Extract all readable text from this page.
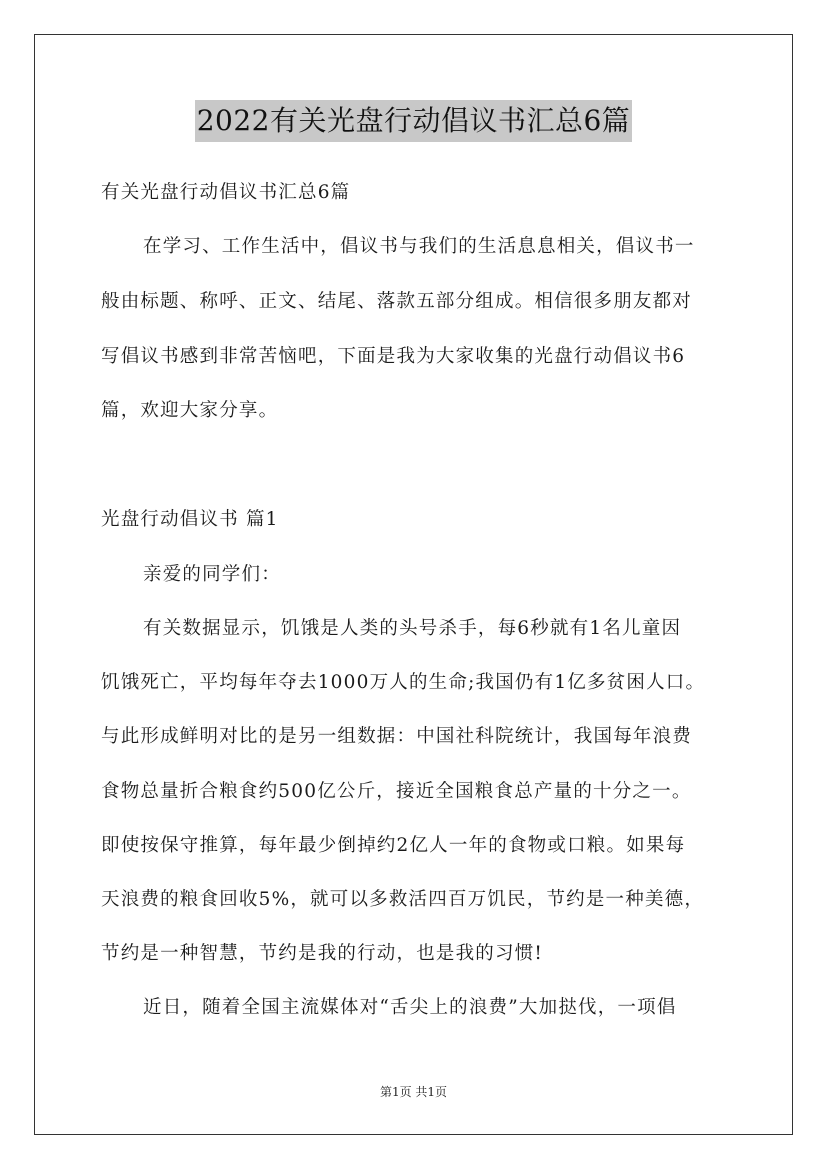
2022有关光盘行动倡议书汇总6篇
有关光盘行动倡议书汇总6篇
在学习、工作生活中，倡议书与我们的生活息息相关，倡议书一
般由标题、称呼、正文、结尾、落款五部分组成。相信很多朋友都对
写倡议书感到非常苦恼吧，下面是我为大家收集的光盘行动倡议书6
篇，欢迎大家分享。
光盘行动倡议书 篇1
亲爱的同学们：
有关数据显示，饥饿是人类的头号杀手，每6秒就有1名儿童因
饥饿死亡，平均每年夺去1000万人的生命;我国仍有1亿多贫困人口。
与此形成鲜明对比的是另一组数据：中国社科院统计，我国每年浪费
食物总量折合粮食约500亿公斤，接近全国粮食总产量的十分之一。
即使按保守推算，每年最少倒掉约2亿人一年的食物或口粮。如果每
天浪费的粮食回收5%，就可以多救活四百万饥民，节约是一种美德，
节约是一种智慧，节约是我的行动，也是我的习惯!
近日，随着全国主流媒体对“舌尖上的浪费”大加挞伐，一项倡
第1页 共1页
